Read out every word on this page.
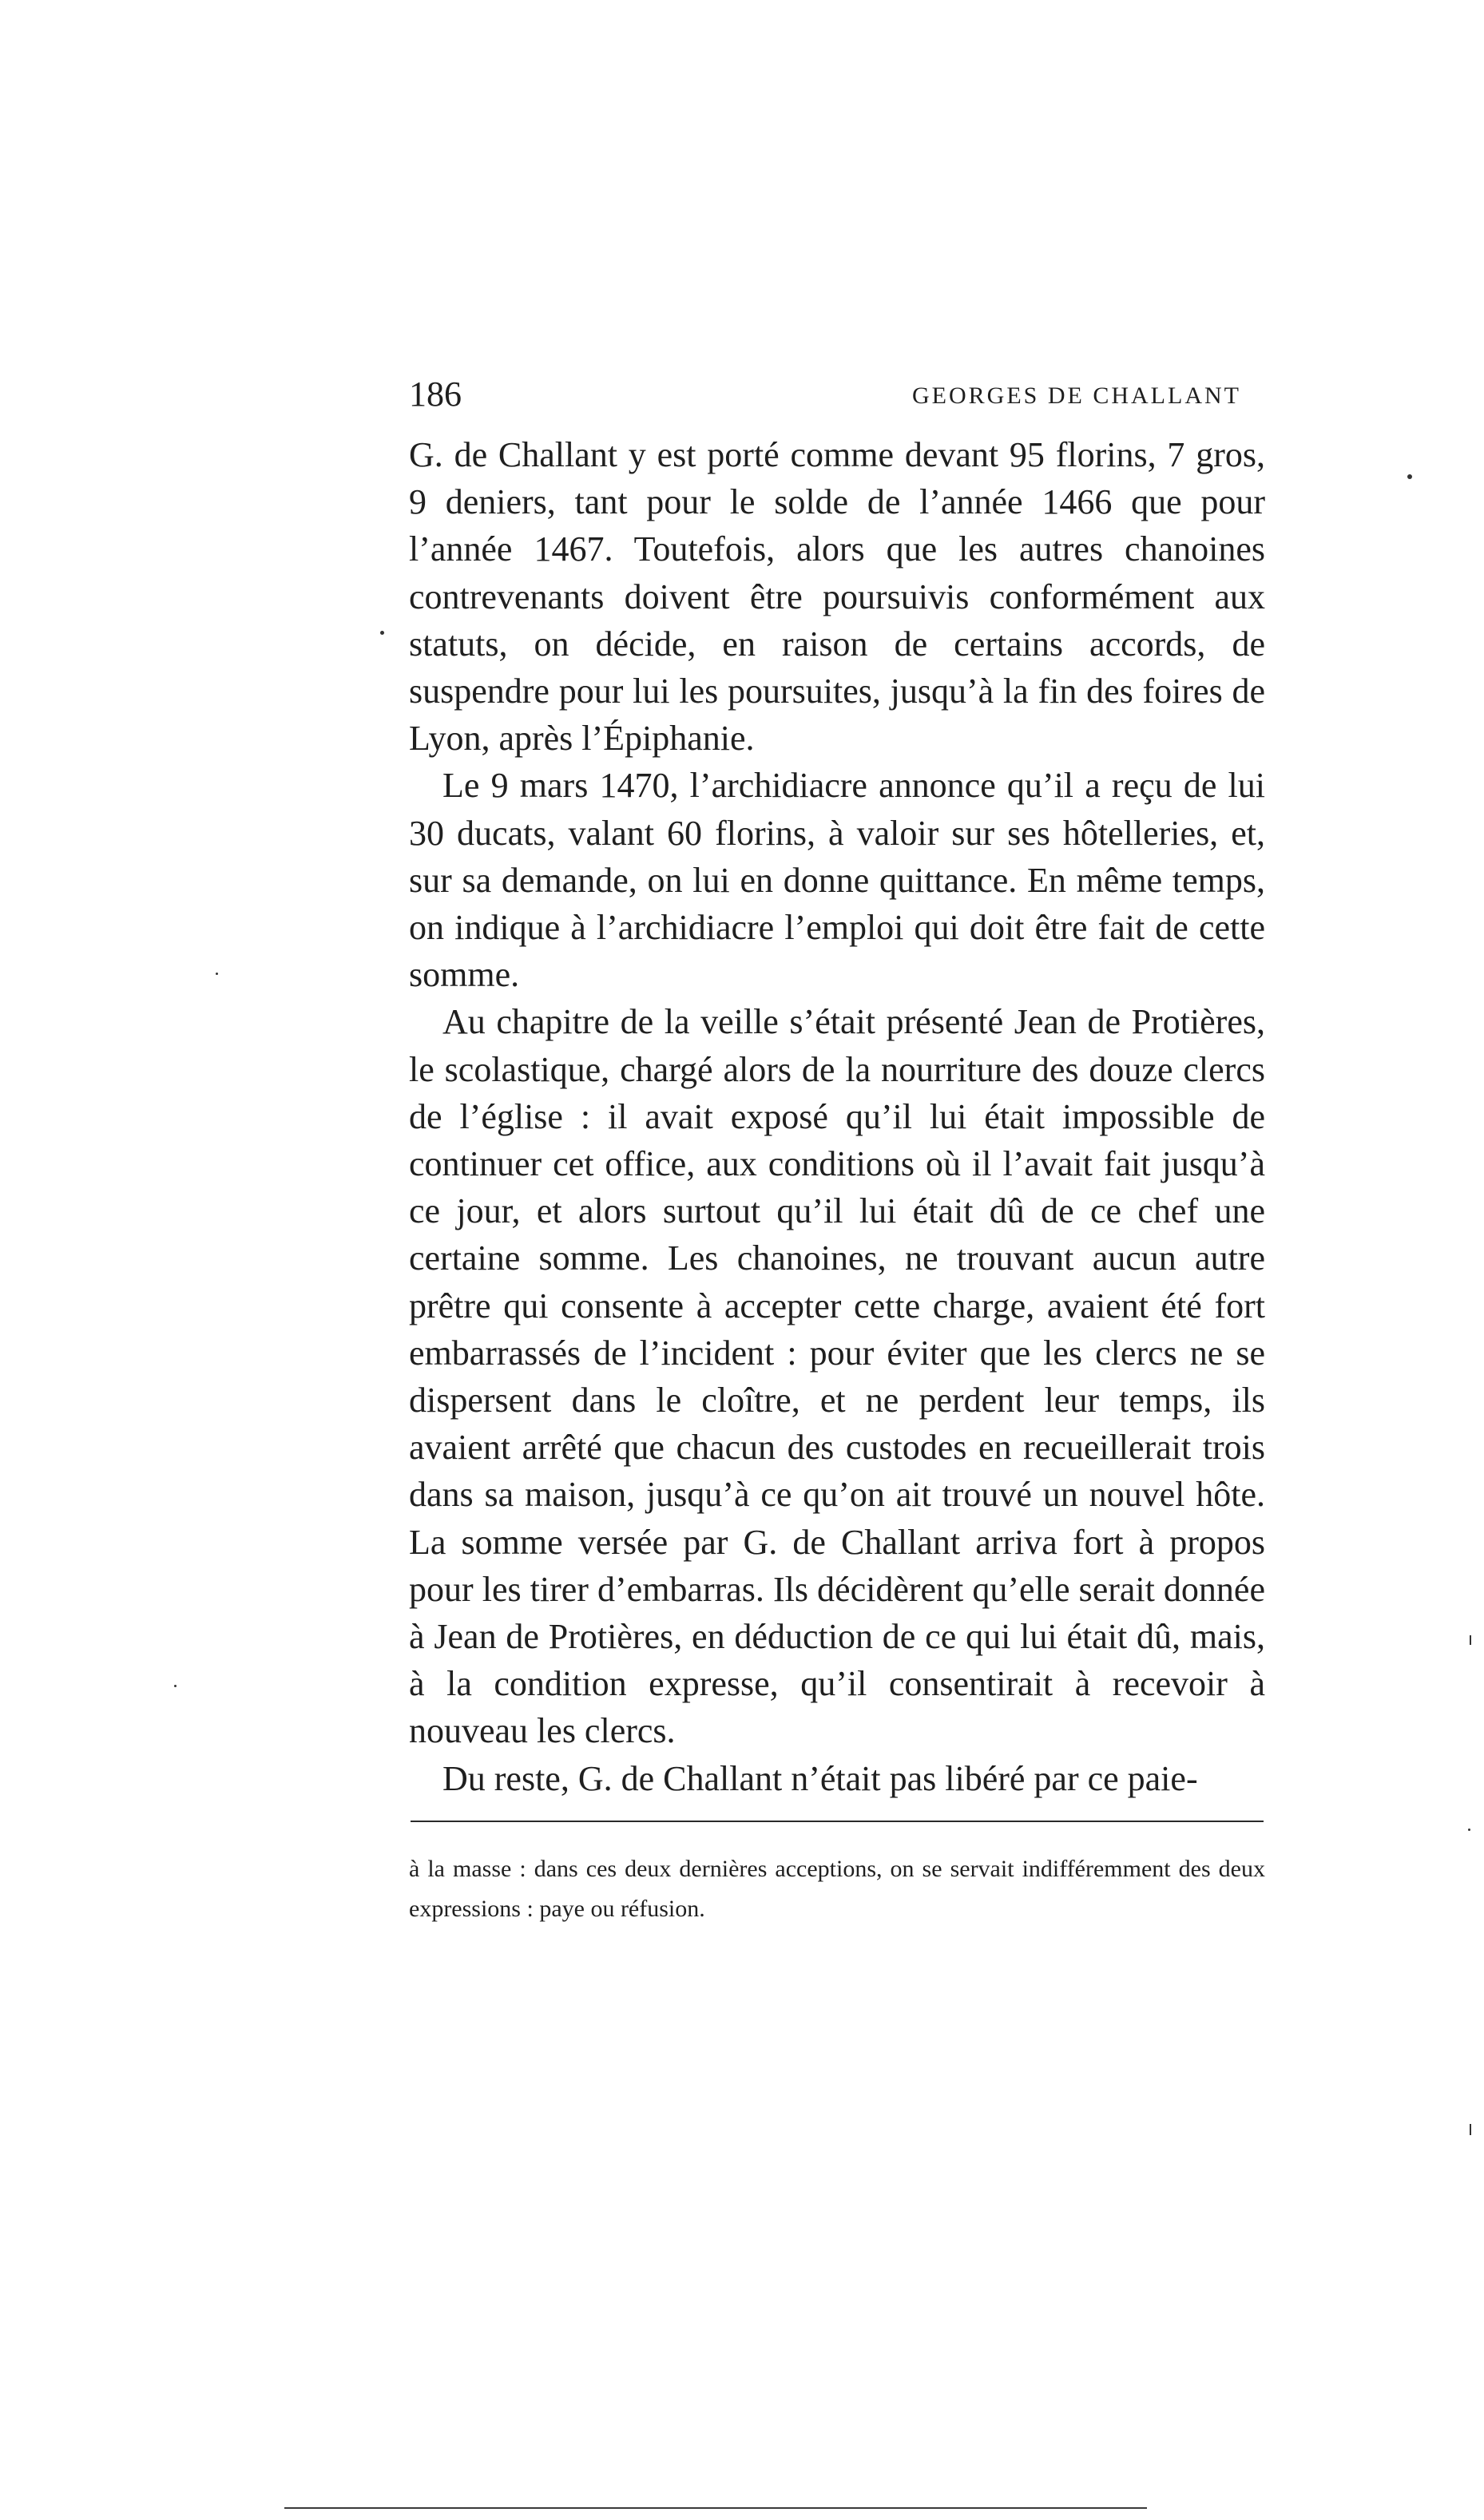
186	GEORGES DE CHALLANT

G. de Challant y est porté comme devant 95 florins, 7 gros, 9 deniers, tant pour le solde de l’année 1466 que pour l’année 1467. Toutefois, alors que les autres chanoines contrevenants doivent être poursuivis conformément aux statuts, on décide, en raison de certains accords, de suspendre pour lui les poursuites, jusqu’à la fin des foires de Lyon, après l’Épiphanie.

Le 9 mars 1470, l’archidiacre annonce qu’il a reçu de lui 30 ducats, valant 60 florins, à valoir sur ses hôtelleries, et, sur sa demande, on lui en donne quittance. En même temps, on indique à l’archidiacre l’emploi qui doit être fait de cette somme.

Au chapitre de la veille s’était présenté Jean de Protières, le scolastique, chargé alors de la nourriture des douze clercs de l’église : il avait exposé qu’il lui était impossible de continuer cet office, aux conditions où il l’avait fait jusqu’à ce jour, et alors surtout qu’il lui était dû de ce chef une certaine somme. Les chanoines, ne trouvant aucun autre prêtre qui consente à accepter cette charge, avaient été fort embarrassés de l’incident : pour éviter que les clercs ne se dispersent dans le cloître, et ne perdent leur temps, ils avaient arrêté que chacun des custodes en recueillerait trois dans sa maison, jusqu’à ce qu’on ait trouvé un nouvel hôte. La somme versée par G. de Challant arriva fort à propos pour les tirer d’embarras. Ils décidèrent qu’elle serait donnée à Jean de Protières, en déduction de ce qui lui était dû, mais, à la condition expresse, qu’il consentirait à recevoir à nouveau les clercs.

Du reste, G. de Challant n’était pas libéré par ce paie-

à la masse : dans ces deux dernières acceptions, on se servait indifféremment des deux expressions : paye ou réfusion.
